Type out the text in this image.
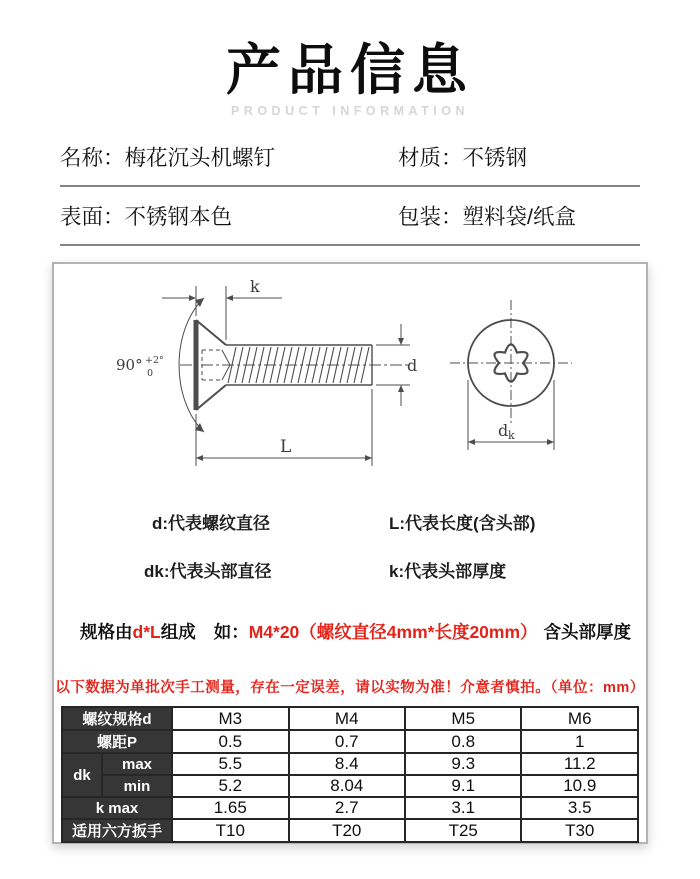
产品信息
PRODUCT INFORMATION
名称：梅花沉头机螺钉	材质：不锈钢
表面：不锈钢本色	包装：塑料袋/纸盒
k
90° +2°
0	d
L
d k
d:代表螺纹直径	L:代表长度(含头部)
dk:代表头部直径	k:代表头部厚度
规格由d*L组成 如：M4*20（螺纹直径4mm*长度20mm） 含头部厚度
以下数据为单批次手工测量，存在一定误差，请以实物为准！介意者慎拍。（单位：mm）
螺纹规格d		M3	M4	M5	M6
螺距P		0.5	0.7	0.8	1
dk	max	5.5	8.4	9.3	11.2
	min	5.2	8.04	9.1	10.9
k max		1.65	2.7	3.1	3.5
适用六方扳手		T10	T20	T25	T30
